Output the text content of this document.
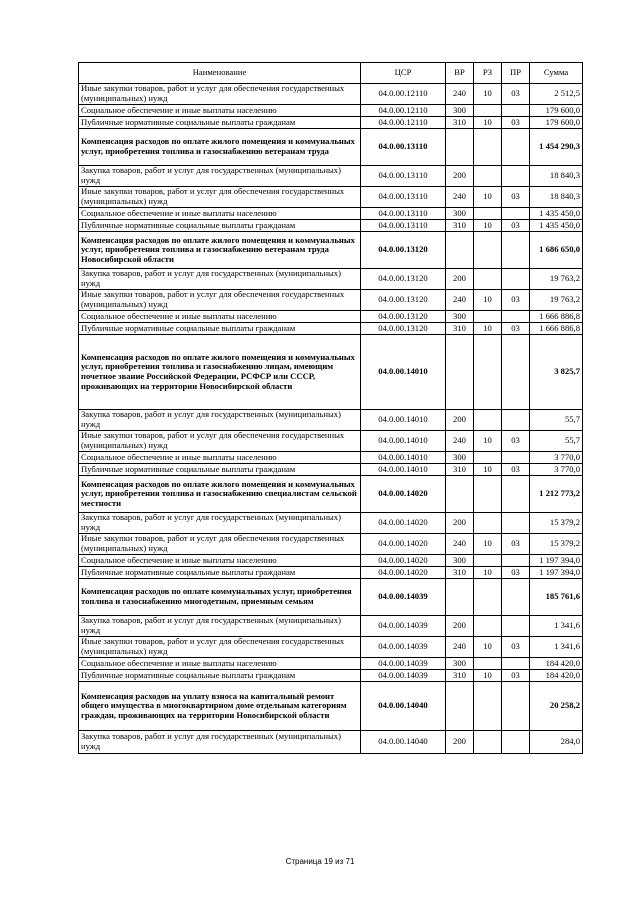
Наименование	ЦСР	ВР	РЗ	ПР	Сумма
Иные закупки товаров, работ и услуг для обеспечения государственных (муниципальных) нужд	04.0.00.12110	240	10	03	2 512,5
Социальное обеспечение и иные выплаты населению	04.0.00.12110	300			179 600,0
Публичные нормативные социальные выплаты гражданам	04.0.00.12110	310	10	03	179 600,0
Компенсация расходов по оплате жилого помещения и коммунальных услуг, приобретения топлива и газоснабжению ветеранам труда	04.0.00.13110				1 454 290,3
Закупка товаров, работ и услуг для государственных (муниципальных) нужд	04.0.00.13110	200			18 840,3
Иные закупки товаров, работ и услуг для обеспечения государственных (муниципальных) нужд	04.0.00.13110	240	10	03	18 840,3
Социальное обеспечение и иные выплаты населению	04.0.00.13110	300			1 435 450,0
Публичные нормативные социальные выплаты гражданам	04.0.00.13110	310	10	03	1 435 450,0
Компенсация расходов по оплате жилого помещения и коммунальных услуг, приобретения топлива и газоснабжению ветеранам труда Новосибирской области	04.0.00.13120				1 686 650,0
Закупка товаров, работ и услуг для государственных (муниципальных) нужд	04.0.00.13120	200			19 763,2
Иные закупки товаров, работ и услуг для обеспечения государственных (муниципальных) нужд	04.0.00.13120	240	10	03	19 763,2
Социальное обеспечение и иные выплаты населению	04.0.00.13120	300			1 666 886,8
Публичные нормативные социальные выплаты гражданам	04.0.00.13120	310	10	03	1 666 886,8
Компенсация расходов по оплате жилого помещения и коммунальных услуг, приобретения топлива и газоснабжению лицам, имеющим почетное звание Российской Федерации, РСФСР или СССР, проживающих на территории Новосибирской области	04.0.00.14010				3 825,7
Закупка товаров, работ и услуг для государственных (муниципальных) нужд	04.0.00.14010	200			55,7
Иные закупки товаров, работ и услуг для обеспечения государственных (муниципальных) нужд	04.0.00.14010	240	10	03	55,7
Социальное обеспечение и иные выплаты населению	04.0.00.14010	300			3 770,0
Публичные нормативные социальные выплаты гражданам	04.0.00.14010	310	10	03	3 770,0
Компенсация расходов по оплате жилого помещения и коммунальных услуг, приобретения топлива и газоснабжению специалистам сельской местности	04.0.00.14020				1 212 773,2
Закупка товаров, работ и услуг для государственных (муниципальных) нужд	04.0.00.14020	200			15 379,2
Иные закупки товаров, работ и услуг для обеспечения государственных (муниципальных) нужд	04.0.00.14020	240	10	03	15 379,2
Социальное обеспечение и иные выплаты населению	04.0.00.14020	300			1 197 394,0
Публичные нормативные социальные выплаты гражданам	04.0.00.14020	310	10	03	1 197 394,0
Компенсация расходов по оплате коммунальных услуг, приобретения топлива и газоснабжению многодетным, приемным семьям	04.0.00.14039				185 761,6
Закупка товаров, работ и услуг для государственных (муниципальных) нужд	04.0.00.14039	200			1 341,6
Иные закупки товаров, работ и услуг для обеспечения государственных (муниципальных) нужд	04.0.00.14039	240	10	03	1 341,6
Социальное обеспечение и иные выплаты населению	04.0.00.14039	300			184 420,0
Публичные нормативные социальные выплаты гражданам	04.0.00.14039	310	10	03	184 420,0
Компенсация расходов на уплату взноса на капитальный ремонт общего имущества в многоквартирном доме отдельным категориям граждан, проживающих на территории Новосибирской области	04.0.00.14040				20 258,2
Закупка товаров, работ и услуг для государственных (муниципальных) нужд	04.0.00.14040	200			284,0
Страница 19 из 71
